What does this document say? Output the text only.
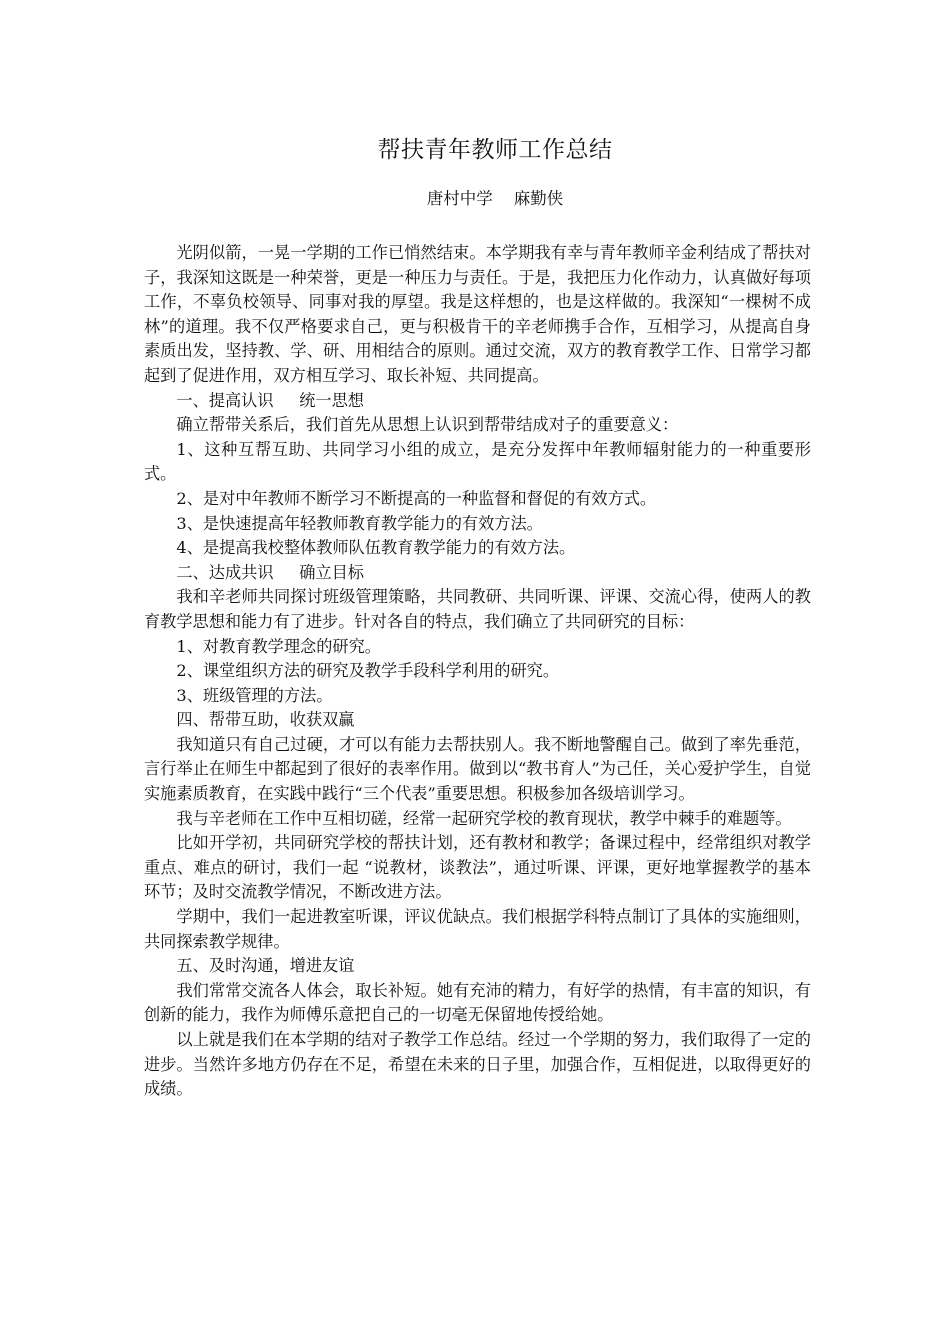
帮扶青年教师工作总结
唐村中学    麻勤侠

光阴似箭，一晃一学期的工作已悄然结束。本学期我有幸与青年教师辛金利结成了帮扶对子，我深知这既是一种荣誉，更是一种压力与责任。于是，我把压力化作动力，认真做好每项工作，不辜负校领导、同事对我的厚望。我是这样想的，也是这样做的。我深知“一棵树不成林”的道理。我不仅严格要求自己，更与积极肯干的辛老师携手合作，互相学习，从提高自身素质出发，坚持教、学、研、用相结合的原则。通过交流，双方的教育教学工作、日常学习都起到了促进作用，双方相互学习、取长补短、共同提高。

一、提高认识     统一思想

确立帮带关系后，我们首先从思想上认识到帮带结成对子的重要意义：

1、这种互帮互助、共同学习小组的成立，是充分发挥中年教师辐射能力的一种重要形式。

2、是对中年教师不断学习不断提高的一种监督和督促的有效方式。

3、是快速提高年轻教师教育教学能力的有效方法。

4、是提高我校整体教师队伍教育教学能力的有效方法。

二、达成共识     确立目标

我和辛老师共同探讨班级管理策略，共同教研、共同听课、评课、交流心得，使两人的教育教学思想和能力有了进步。针对各自的特点，我们确立了共同研究的目标：

1、对教育教学理念的研究。

2、课堂组织方法的研究及教学手段科学利用的研究。

3、班级管理的方法。

四、帮带互助，收获双赢

我知道只有自己过硬，才可以有能力去帮扶别人。我不断地警醒自己。做到了率先垂范，言行举止在师生中都起到了很好的表率作用。做到以“教书育人”为己任，关心爱护学生，自觉实施素质教育，在实践中践行“三个代表”重要思想。积极参加各级培训学习。

我与辛老师在工作中互相切磋，经常一起研究学校的教育现状，教学中棘手的难题等。

比如开学初，共同研究学校的帮扶计划，还有教材和教学；备课过程中，经常组织对教学重点、难点的研讨，我们一起 “说教材，谈教法”，通过听课、评课，更好地掌握教学的基本环节；及时交流教学情况，不断改进方法。

学期中，我们一起进教室听课，评议优缺点。我们根据学科特点制订了具体的实施细则，共同探索教学规律。

五、及时沟通，增进友谊

我们常常交流各人体会，取长补短。她有充沛的精力，有好学的热情，有丰富的知识，有创新的能力，我作为师傅乐意把自己的一切毫无保留地传授给她。

以上就是我们在本学期的结对子教学工作总结。经过一个学期的努力，我们取得了一定的进步。当然许多地方仍存在不足，希望在未来的日子里，加强合作，互相促进，以取得更好的成绩。
